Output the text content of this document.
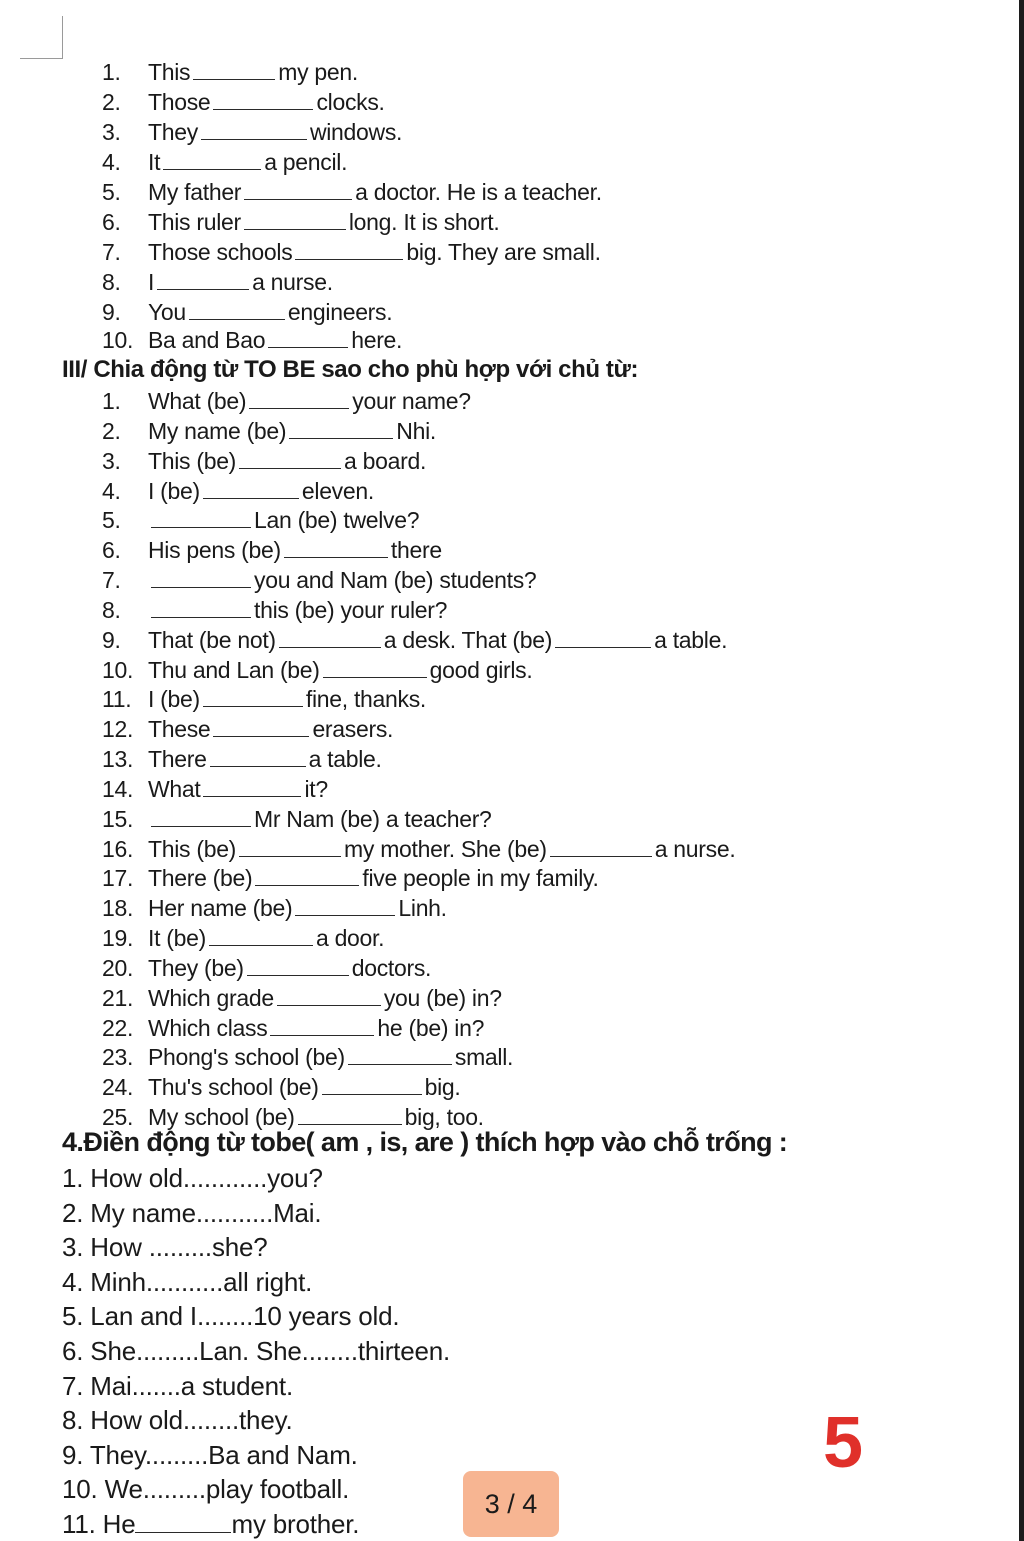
1. This	my pen.
2. Those	clocks.
3. They	windows.
4. It	a pencil.
5. My father	a doctor. He is a teacher.
6. This ruler	long. It is short.
7. Those schools	big. They are small.
8. I	a nurse.
9. You	engineers.
10. Ba and Bao	here.
III/ Chia động từ TO BE sao cho phù hợp với chủ từ:
1. What (be)	your name?
2. My name (be)	Nhi.
3. This (be)	a board.
4. I (be)	eleven.
5.	Lan (be) twelve?
6. His pens (be)	there
7.	you and Nam (be) students?
8.	this (be) your ruler?
9. That (be not)	a desk. That (be)	a table.
10. Thu and Lan (be)	good girls.
11. I (be)	fine, thanks.
12. These	erasers.
13. There	a table.
14. What	it?
15.	Mr Nam (be) a teacher?
16. This (be)	my mother. She (be)	a nurse.
17. There (be)	five people in my family.
18. Her name (be)	Linh.
19. It (be)	a door.
20. They (be)	doctors.
21. Which grade	you (be) in?
22. Which class	he (be) in?
23. Phong's school (be)	small.
24. Thu's school (be)	big.
25. My school (be)	big, too.
4.Điền động từ tobe( am , is, are ) thích hợp vào chỗ trống :
1. How old............you?
2. My name...........Mai.
3. How .........she?
4. Minh...........all right.
5. Lan and I........10 years old.
6. She.........Lan. She........thirteen.
7. Mai.......a student.
8. How old........they.
9. They.........Ba and Nam.
10. We.........play football.
11. He	my brother.
5
3 / 4
